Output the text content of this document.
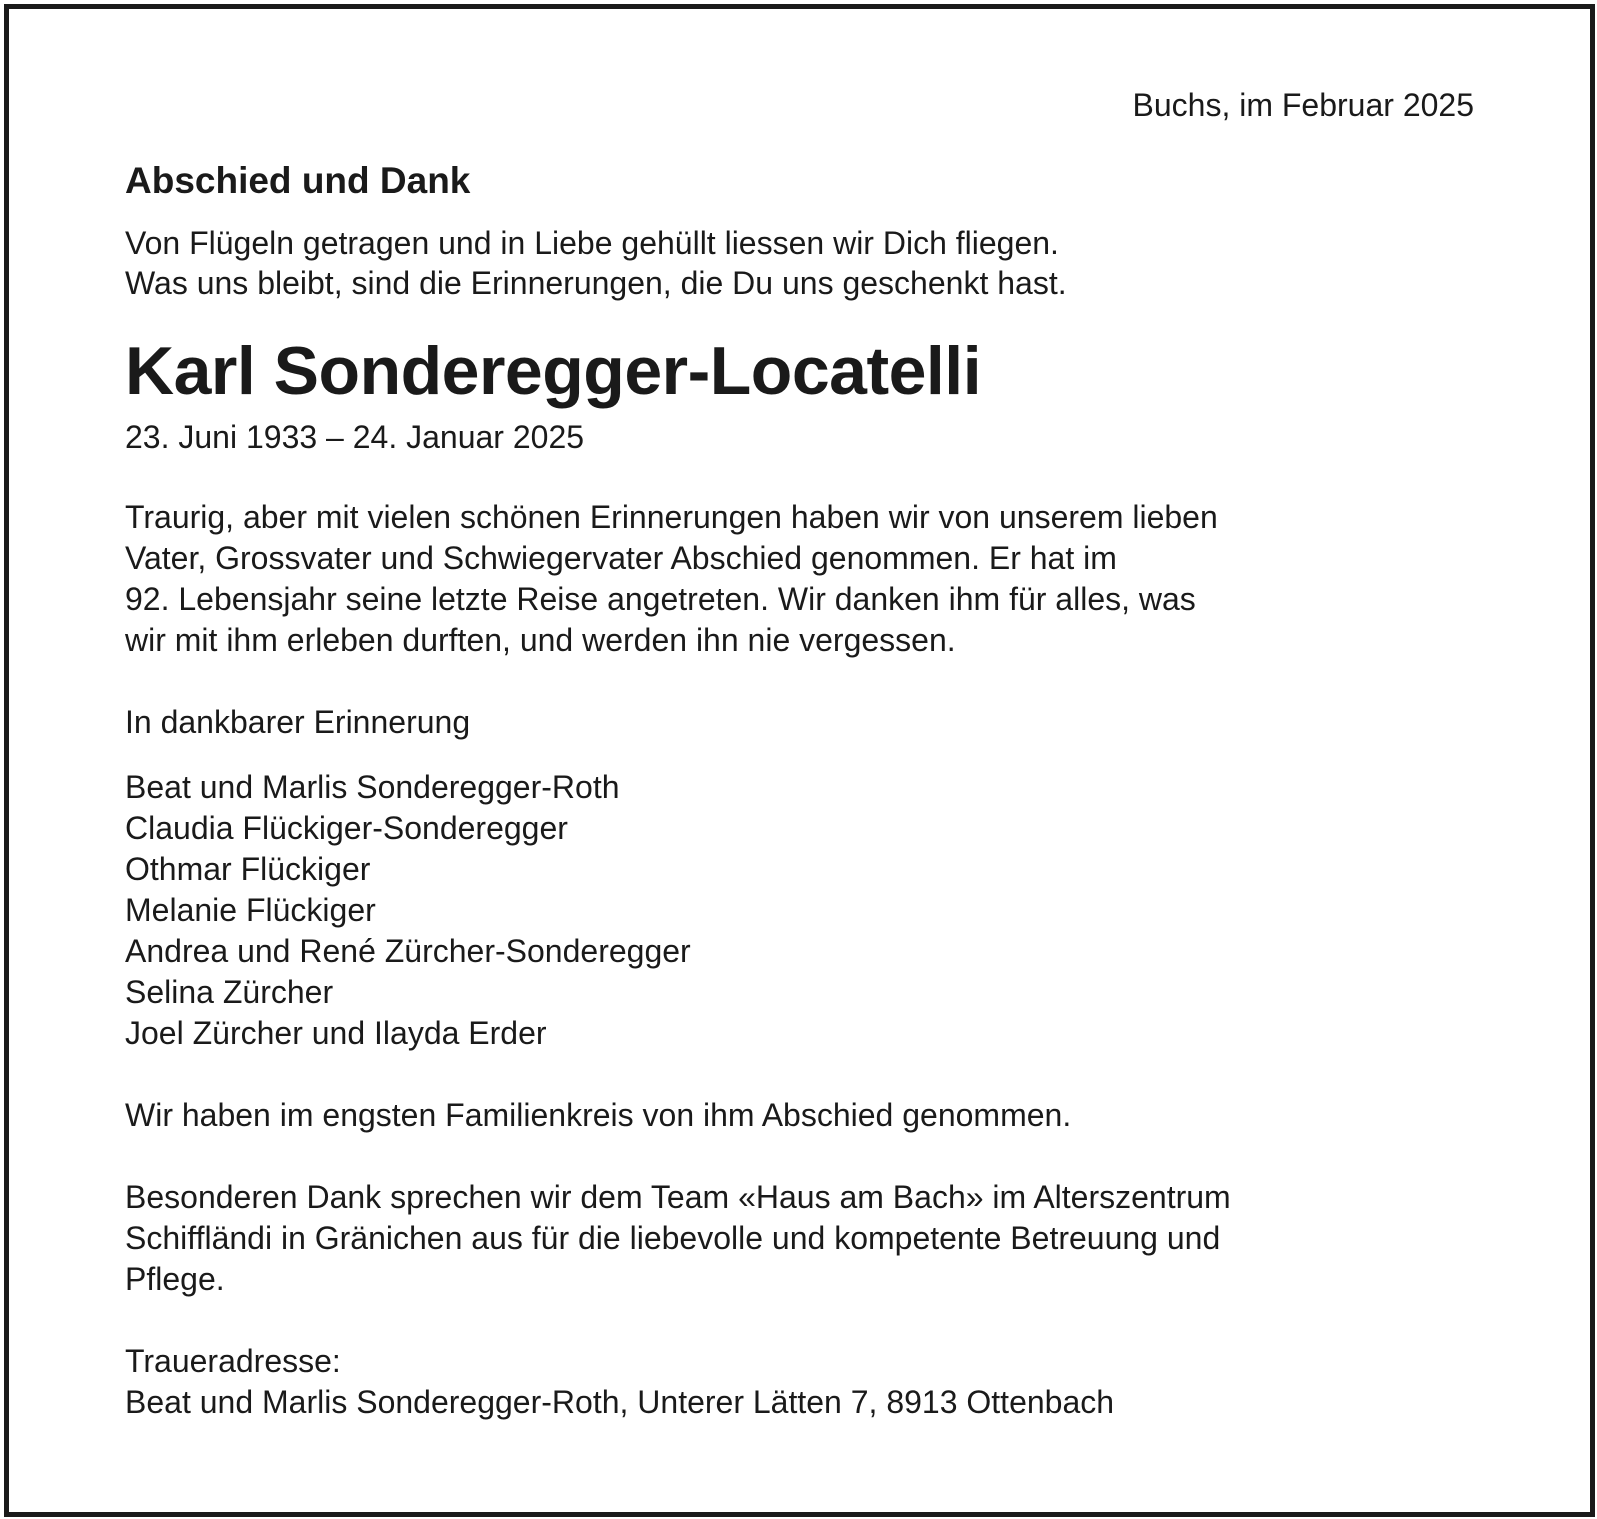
Buchs, im Februar 2025
Abschied und Dank
Von Flügeln getragen und in Liebe gehüllt liessen wir Dich fliegen.
Was uns bleibt, sind die Erinnerungen, die Du uns geschenkt hast.
Karl Sonderegger-Locatelli
23. Juni 1933 – 24. Januar 2025
Traurig, aber mit vielen schönen Erinnerungen haben wir von unserem lieben
Vater, Grossvater und Schwiegervater Abschied genommen. Er hat im
92. Lebensjahr seine letzte Reise angetreten. Wir danken ihm für alles, was
wir mit ihm erleben durften, und werden ihn nie vergessen.
In dankbarer Erinnerung
Beat und Marlis Sonderegger-Roth
Claudia Flückiger-Sonderegger
Othmar Flückiger
Melanie Flückiger
Andrea und René Zürcher-Sonderegger
Selina Zürcher
Joel Zürcher und Ilayda Erder
Wir haben im engsten Familienkreis von ihm Abschied genommen.
Besonderen Dank sprechen wir dem Team «Haus am Bach» im Alterszentrum
Schiffländi in Gränichen aus für die liebevolle und kompetente Betreuung und
Pflege.
Traueradresse:
Beat und Marlis Sonderegger-Roth, Unterer Lätten 7, 8913 Ottenbach
